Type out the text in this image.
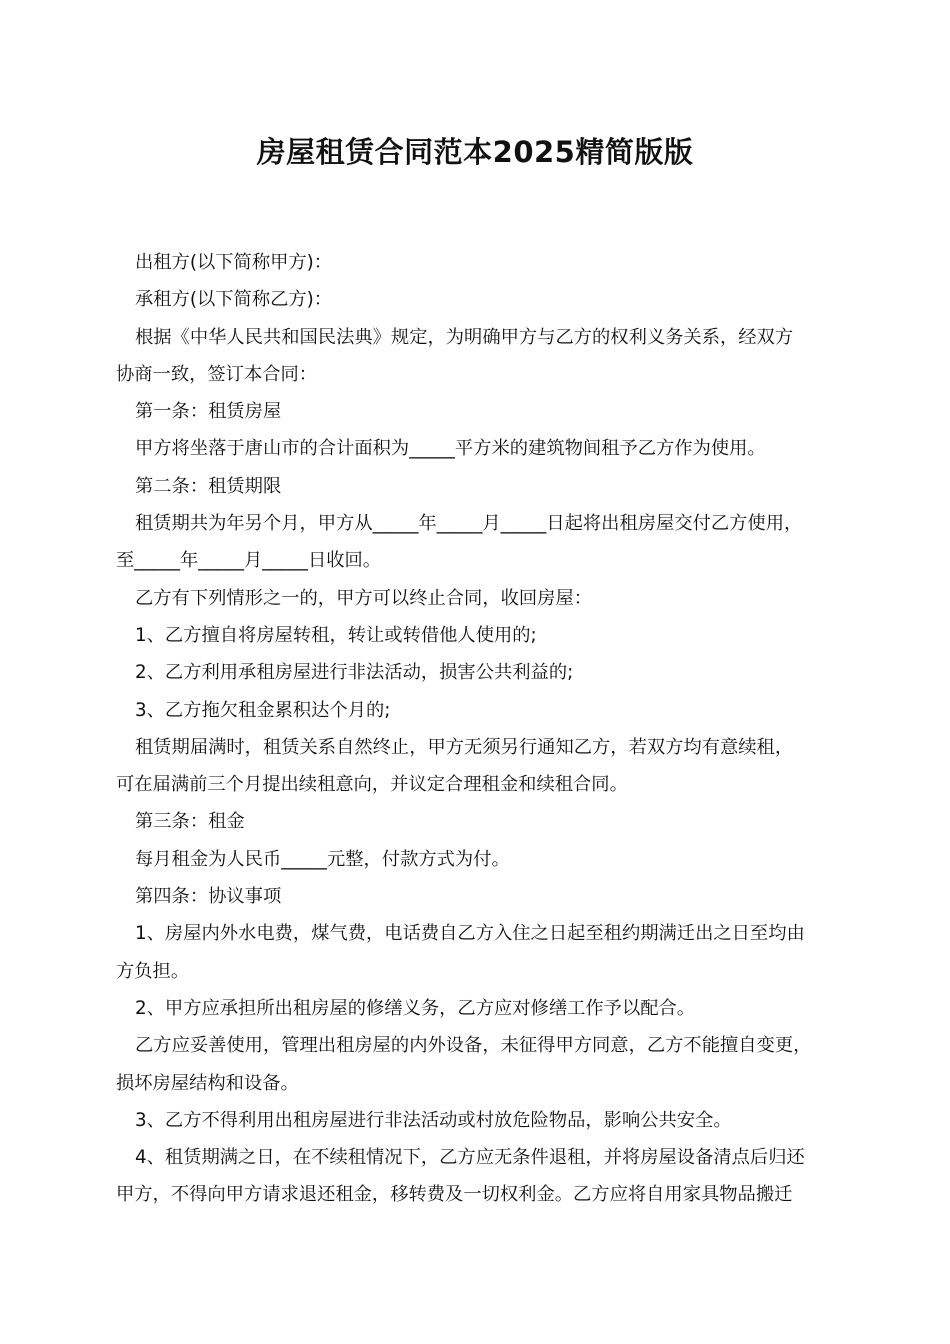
房屋租赁合同范本2025精简版版

出租方(以下简称甲方)：

承租方(以下简称乙方)：

根据《中华人民共和国民法典》规定，为明确甲方与乙方的权利义务关系，经双方

协商一致，签订本合同：

第一条：租赁房屋

甲方将坐落于唐山市的合计面积为_____平方米的建筑物间租予乙方作为使用。

第二条：租赁期限

租赁期共为年另个月，甲方从_____年_____月_____日起将出租房屋交付乙方使用，

至_____年_____月_____日收回。

乙方有下列情形之一的，甲方可以终止合同，收回房屋：

1、乙方擅自将房屋转租，转让或转借他人使用的;

2、乙方利用承租房屋进行非法活动，损害公共利益的;

3、乙方拖欠租金累积达个月的;

租赁期届满时，租赁关系自然终止，甲方无须另行通知乙方，若双方均有意续租，

可在届满前三个月提出续租意向，并议定合理租金和续租合同。

第三条：租金

每月租金为人民币_____元整，付款方式为付。

第四条：协议事项

1、房屋内外水电费，煤气费，电话费自乙方入住之日起至租约期满迁出之日至均由

方负担。

2、甲方应承担所出租房屋的修缮义务，乙方应对修缮工作予以配合。

乙方应妥善使用，管理出租房屋的内外设备，未征得甲方同意，乙方不能擅自变更，

损坏房屋结构和设备。

3、乙方不得利用出租房屋进行非法活动或村放危险物品，影响公共安全。

4、租赁期满之日，在不续租情况下，乙方应无条件退租，并将房屋设备清点后归还

甲方，不得向甲方请求退还租金，移转费及一切权利金。乙方应将自用家具物品搬迁
